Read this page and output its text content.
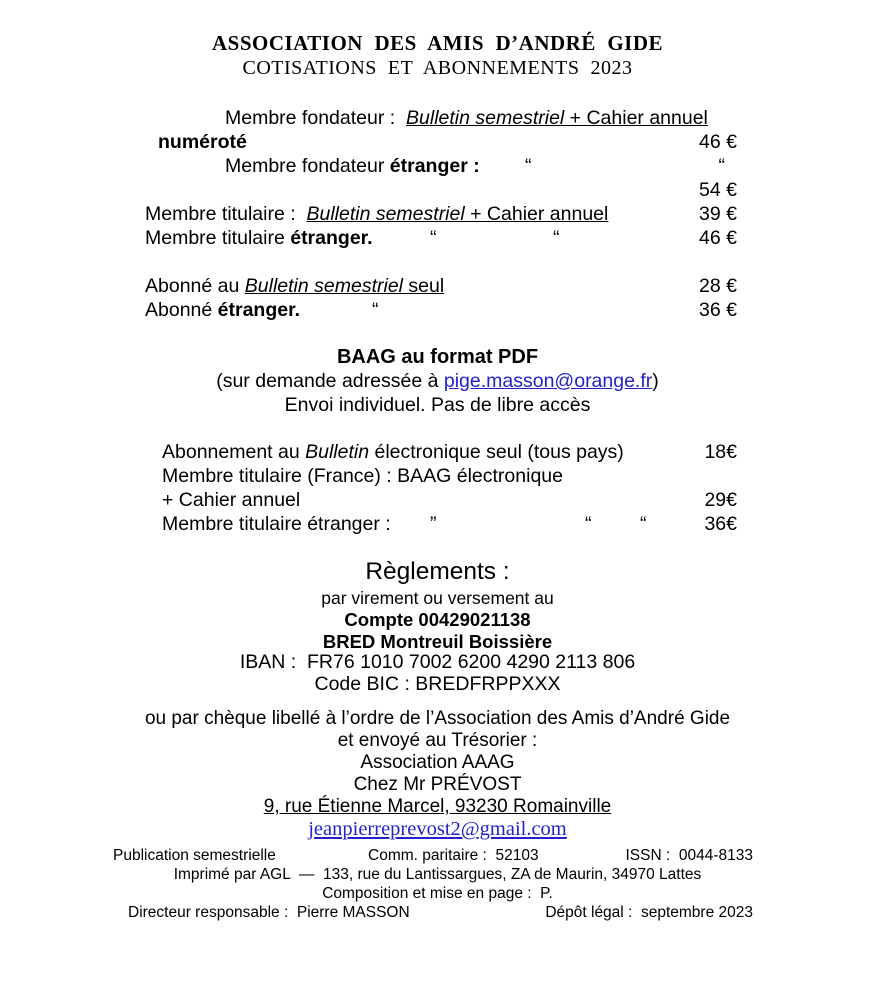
ASSOCIATION  DES  AMIS  D’ANDRÉ  GIDE
COTISATIONS  ET  ABONNEMENTS  2023
Membre fondateur :  Bulletin semestriel + Cahier annuel
numéroté	46 €
Membre fondateur étranger : “	“
54 €
Membre titulaire :  Bulletin semestriel + Cahier annuel	39 €
Membre titulaire étranger.	“	“	46 €
Abonné au Bulletin semestriel seul	28 €
Abonné étranger.	“	36 €
BAAG au format PDF
(sur demande adressée à pige.masson@orange.fr)
Envoi individuel. Pas de libre accès
Abonnement au Bulletin électronique seul (tous pays)	18€
Membre titulaire (France) : BAAG électronique
+ Cahier annuel	29€
Membre titulaire étranger : ”	“ “	36€
Règlements :
par virement ou versement au
Compte 00429021138
BRED Montreuil Boissière
IBAN :  FR76 1010 7002 6200 4290 2113 806
Code BIC : BREDFRPPXXX
ou par chèque libellé à l’ordre de l’Association des Amis d’André Gide
et envoyé au Trésorier :
Association AAAG
Chez Mr PRÉVOST
9, rue Étienne Marcel, 93230 Romainville
jeanpierreprevost2@gmail.com
Publication semestrielle	Comm. paritaire :  52103	ISSN :  0044-8133
Imprimé par AGL  —  133, rue du Lantissargues, ZA de Maurin, 34970 Lattes
Composition et mise en page :  P.
Directeur responsable :  Pierre MASSON	Dépôt légal :  septembre 2023
